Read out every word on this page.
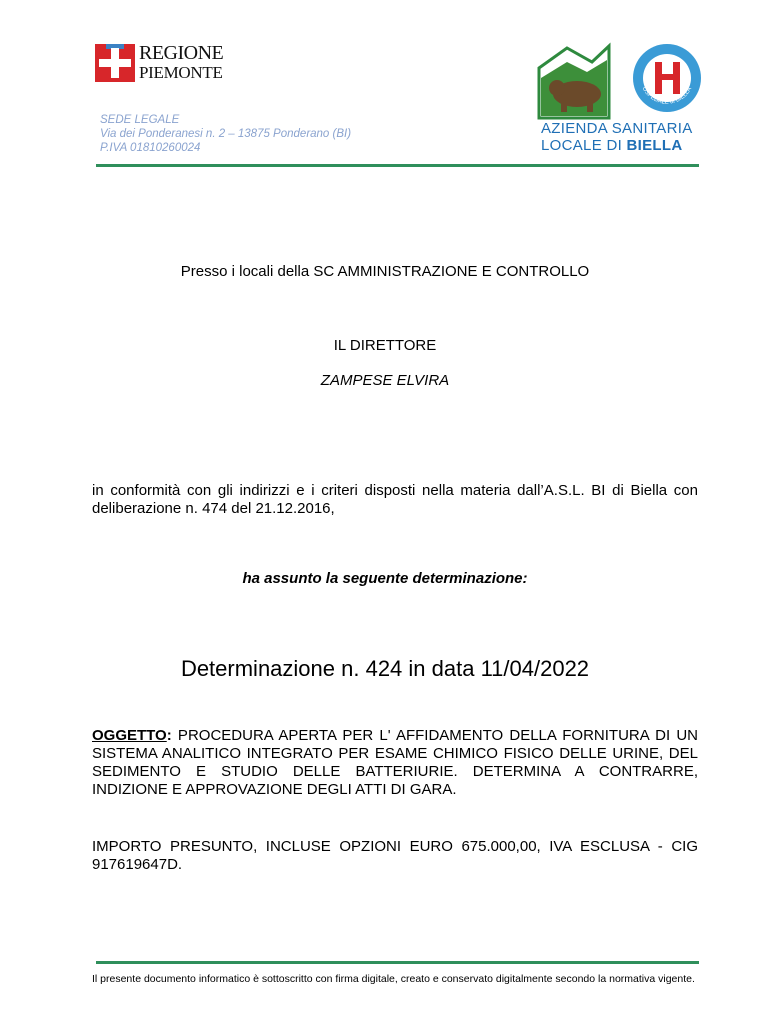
REGIONE
PIEMONTE
SEDE LEGALE
Via dei Ponderanesi n. 2 – 13875 Ponderano (BI)
P.IVA 01810260024
OSPEDALE di BIELLA
AZIENDA SANITARIA
LOCALE DI BIELLA
Presso i locali della SC AMMINISTRAZIONE E CONTROLLO
IL DIRETTORE
ZAMPESE ELVIRA
in conformità con gli indirizzi e i criteri disposti nella materia dall’A.S.L. BI di Biella con deliberazione n. 474 del 21.12.2016,
ha assunto la seguente determinazione:
Determinazione n. 424 in data 11/04/2022
OGGETTO: PROCEDURA APERTA PER L' AFFIDAMENTO DELLA FORNITURA DI UN SISTEMA ANALITICO INTEGRATO PER ESAME CHIMICO FISICO DELLE URINE, DEL SEDIMENTO E STUDIO DELLE BATTERIURIE. DETERMINA A CONTRARRE, INDIZIONE E APPROVAZIONE DEGLI ATTI DI GARA.
IMPORTO PRESUNTO, INCLUSE OPZIONI EURO 675.000,00, IVA ESCLUSA - CIG 917619647D.
Il presente documento informatico è sottoscritto con firma digitale, creato e conservato digitalmente secondo la normativa vigente.
